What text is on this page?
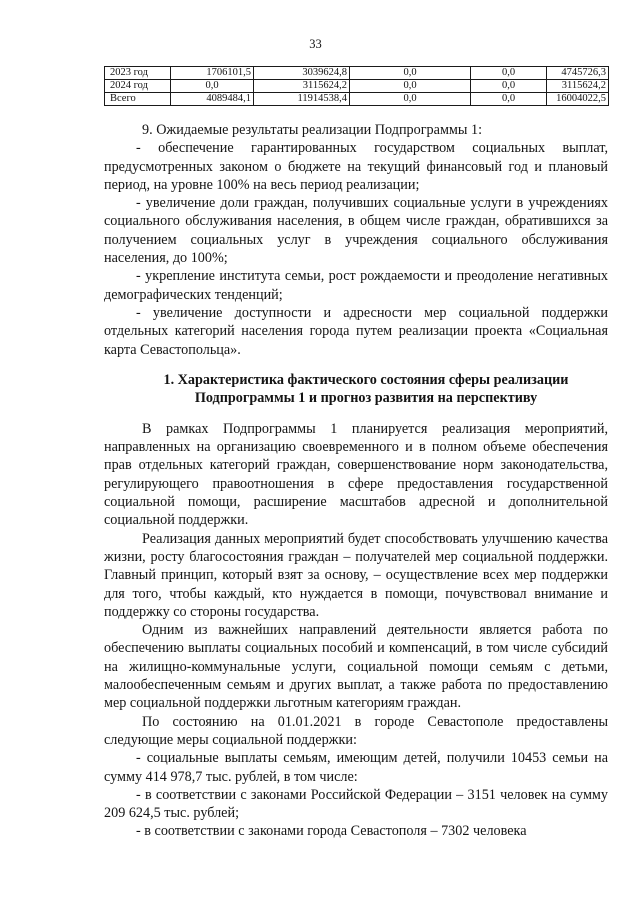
33
2023 год	1706101,5	3039624,8	0,0	0,0	4745726,3
2024 год	0,0	3115624,2	0,0	0,0	3115624,2
Всего	4089484,1	11914538,4	0,0	0,0	16004022,5

9. Ожидаемые результаты реализации Подпрограммы 1:

- обеспечение гарантированных государством социальных выплат, предусмотренных законом о бюджете на текущий финансовый год и плановый период, на уровне 100% на весь период реализации;

- увеличение доли граждан, получивших социальные услуги в учреждениях социального обслуживания населения, в общем числе граждан, обратившихся за получением социальных услуг в учреждения социального обслуживания населения, до 100%;

- укрепление института семьи, рост рождаемости и преодоление негативных демографических тенденций;

- увеличение доступности и адресности мер социальной поддержки отдельных категорий населения города путем реализации проекта «Социальная карта Севастопольца».

1. Характеристика фактического состояния сферы реализации
Подпрограммы 1 и прогноз развития на перспективу

В рамках Подпрограммы 1 планируется реализация мероприятий, направленных на организацию своевременного и в полном объеме обеспечения прав отдельных категорий граждан, совершенствование норм законодательства, регулирующего правоотношения в сфере предоставления государственной социальной помощи, расширение масштабов адресной и дополнительной социальной поддержки.

Реализация данных мероприятий будет способствовать улучшению качества жизни, росту благосостояния граждан – получателей мер социальной поддержки. Главный принцип, который взят за основу, – осуществление всех мер поддержки для того, чтобы каждый, кто нуждается в помощи, почувствовал внимание и поддержку со стороны государства.

Одним из важнейших направлений деятельности является работа по обеспечению выплаты социальных пособий и компенсаций, в том числе субсидий на жилищно-коммунальные услуги, социальной помощи семьям с детьми, малообеспеченным семьям и других выплат, а также работа по предоставлению мер социальной поддержки льготным категориям граждан.

По состоянию на 01.01.2021 в городе Севастополе предоставлены следующие меры социальной поддержки:

- социальные выплаты семьям, имеющим детей, получили 10453 семьи на сумму 414 978,7 тыс. рублей, в том числе:

- в соответствии с законами Российской Федерации – 3151 человек на сумму 209 624,5 тыс. рублей;

- в соответствии с законами города Севастополя – 7302 человека
